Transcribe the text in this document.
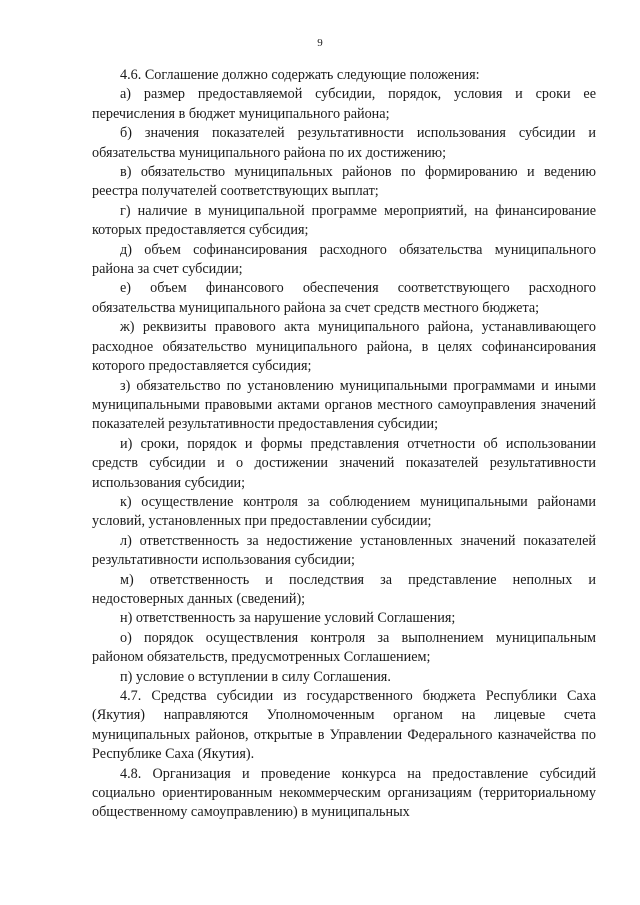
9

4.6. Соглашение должно содержать следующие положения:

а) размер предоставляемой субсидии, порядок, условия и сроки ее перечисления в бюджет муниципального района;

б) значения показателей результативности использования субсидии и обязательства муниципального района по их достижению;

в) обязательство муниципальных районов по формированию и ведению реестра получателей соответствующих выплат;

г) наличие в муниципальной программе мероприятий, на финансирование которых предоставляется субсидия;

д) объем софинансирования расходного обязательства муниципального района за счет субсидии;

е) объем финансового обеспечения соответствующего расходного обязательства муниципального района за счет средств местного бюджета;

ж) реквизиты правового акта муниципального района, устанавливающего расходное обязательство муниципального района, в целях софинансирования которого предоставляется субсидия;

з) обязательство по установлению муниципальными программами и иными муниципальными правовыми актами органов местного самоуправления значений показателей результативности предоставления субсидии;

и) сроки, порядок и формы представления отчетности об использовании средств субсидии и о достижении значений показателей результативности использования субсидии;

к) осуществление контроля за соблюдением муниципальными районами условий, установленных при предоставлении субсидии;

л) ответственность за недостижение установленных значений показателей результативности использования субсидии;

м) ответственность и последствия за представление неполных и недостоверных данных (сведений);

н) ответственность за нарушение условий Соглашения;

о) порядок осуществления контроля за выполнением муниципальным районом обязательств, предусмотренных Соглашением;

п) условие о вступлении в силу Соглашения.

4.7. Средства субсидии из государственного бюджета Республики Саха (Якутия) направляются Уполномоченным органом на лицевые счета муниципальных районов, открытые в Управлении Федерального казначейства по Республике Саха (Якутия).

4.8. Организация и проведение конкурса на предоставление субсидий социально ориентированным некоммерческим организациям (территориальному общественному самоуправлению) в муниципальных
